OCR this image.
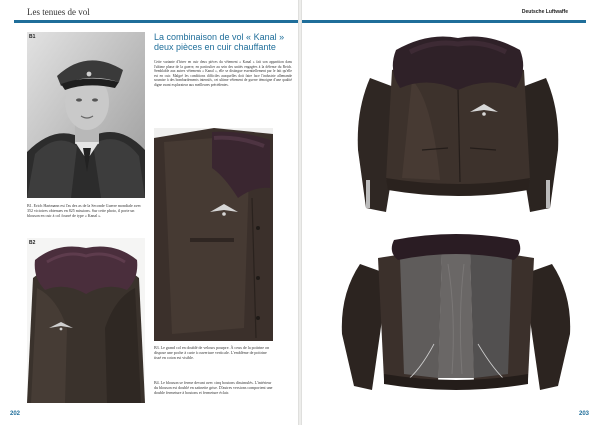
Les tenues de vol
B1
B1. Erich Hartmann est l'as des as de la Seconde Guerre mondiale avec 352 victoires obtenues en 825 missions. Sur cette photo, il porte un blouson en cuir à col fourré de type « Kanal ».
B2
La combinaison de vol « Kanal »
deux pièces en cuir chauffante
Cette variante d'hiver en cuir deux pièces du vêtement « Kanal » fait son apparition dans l'ultime phase de la guerre, en particulier au sein des unités engagées à la défense du Reich. Semblable aux autres vêtements « Kanal », elle se distingue essentiellement par le fait qu'elle est en cuir. Malgré les conditions difficiles auxquelles doit faire face l'industrie allemande soumise à des bombardements intensifs, cet ultime vêtement de guerre témoigne d'une qualité digne avant explorateur aux meilleures précédentes.
B3
B3. Le grand col en doublé de velours pourpre. À ceux de la poitrine on dispose une poche à carte à ouverture verticale. L'emblème de poitrine tissé en coton est visible.
B4. Le blouson se ferme devant avec cinq boutons dissimulés. L'intérieur du blouson est doublé en satinette grise. D'autres versions comportent une double fermeture à boutons et fermeture éclair.
202
Deutsche Luftwaffe
203
